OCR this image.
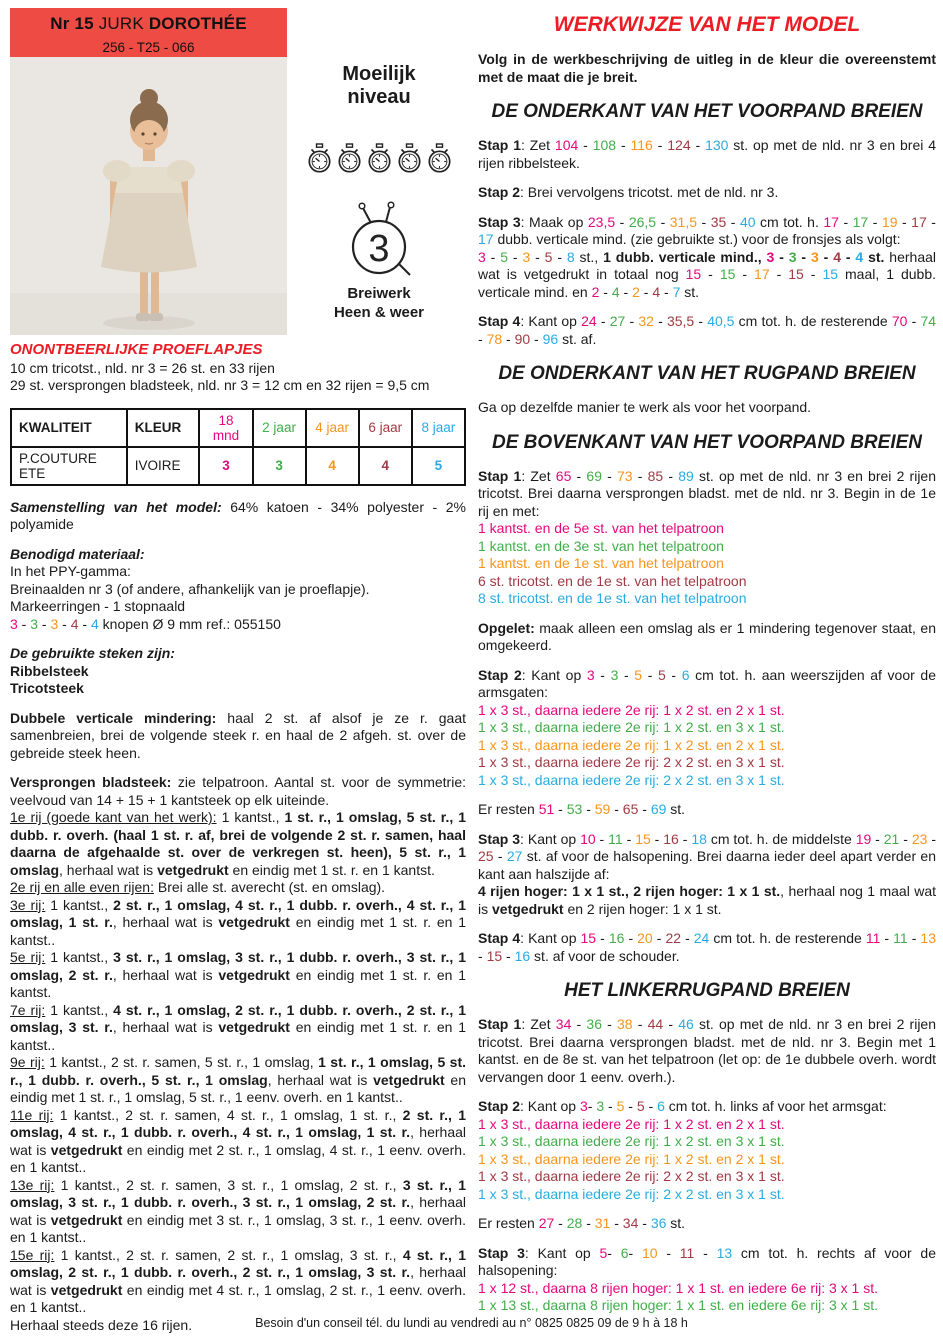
Nr 15 JURK DOROTHÉE
256 - T25 - 066
Moeilijk
niveau
3
Breiwerk
Heen & weer
ONONTBEERLIJKE PROEFLAPJES
10 cm tricotst., nld. nr 3 = 26 st. en 33 rijen
29 st. versprongen bladsteek, nld. nr 3 = 12 cm en 32 rijen = 9,5 cm
KWALITEIT	KLEUR	18 mnd	2 jaar	4 jaar	6 jaar	8 jaar
P.COUTURE ETE	IVOIRE	3	3	4	4	5
Samenstelling van het model: 64% katoen - 34% polyester - 2% polyamide
Benodigd materiaal:
In het PPY-gamma:
Breinaalden nr 3 (of andere, afhankelijk van je proeflapje).
Markeerringen - 1 stopnaald
3 - 3 - 3 - 4 - 4 knopen Ø 9 mm ref.: 055150
De gebruikte steken zijn:
Ribbelsteek
Tricotsteek
Dubbele verticale mindering: haal 2 st. af alsof je ze r. gaat samenbreien, brei de volgende steek r. en haal de 2 afgeh. st. over de gebreide steek heen.
Versprongen bladsteek: zie telpatroon. Aantal st. voor de symmetrie: veelvoud van 14 + 15 + 1 kantsteek op elk uiteinde.
1e rij (goede kant van het werk): 1 kantst., 1 st. r., 1 omslag, 5 st. r., 1 dubb. r. overh. (haal 1 st. r. af, brei de volgende 2 st. r. samen, haal daarna de afgehaalde st. over de verkregen st. heen), 5 st. r., 1 omslag, herhaal wat is vetgedrukt en eindig met 1 st. r. en 1 kantst.
2e rij en alle even rijen: Brei alle st. averecht (st. en omslag).
3e rij: 1 kantst., 2 st. r., 1 omslag, 4 st. r., 1 dubb. r. overh., 4 st. r., 1 omslag, 1 st. r., herhaal wat is vetgedrukt en eindig met 1 st. r. en 1 kantst..
5e rij: 1 kantst., 3 st. r., 1 omslag, 3 st. r., 1 dubb. r. overh., 3 st. r., 1 omslag, 2 st. r., herhaal wat is vetgedrukt en eindig met 1 st. r. en 1 kantst.
7e rij: 1 kantst., 4 st. r., 1 omslag, 2 st. r., 1 dubb. r. overh., 2 st. r., 1 omslag, 3 st. r., herhaal wat is vetgedrukt en eindig met 1 st. r. en 1 kantst..
9e rij: 1 kantst., 2 st. r. samen, 5 st. r., 1 omslag, 1 st. r., 1 omslag, 5 st. r., 1 dubb. r. overh., 5 st. r., 1 omslag, herhaal wat is vetgedrukt en eindig met 1 st. r., 1 omslag, 5 st. r., 1 eenv. overh. en 1 kantst..
11e rij: 1 kantst., 2 st. r. samen, 4 st. r., 1 omslag, 1 st. r., 2 st. r., 1 omslag, 4 st. r., 1 dubb. r. overh., 4 st. r., 1 omslag, 1 st. r., herhaal wat is vetgedrukt en eindig met 2 st. r., 1 omslag, 4 st. r., 1 eenv. overh. en 1 kantst..
13e rij: 1 kantst., 2 st. r. samen, 3 st. r., 1 omslag, 2 st. r., 3 st. r., 1 omslag, 3 st. r., 1 dubb. r. overh., 3 st. r., 1 omslag, 2 st. r., herhaal wat is vetgedrukt en eindig met 3 st. r., 1 omslag, 3 st. r., 1 eenv. overh. en 1 kantst..
15e rij: 1 kantst., 2 st. r. samen, 2 st. r., 1 omslag, 3 st. r., 4 st. r., 1 omslag, 2 st. r., 1 dubb. r. overh., 2 st. r., 1 omslag, 3 st. r., herhaal wat is vetgedrukt en eindig met 4 st. r., 1 omslag, 2 st. r., 1 eenv. overh. en 1 kantst..
Herhaal steeds deze 16 rijen.
WERKWIJZE VAN HET MODEL
Volg in de werkbeschrijving de uitleg in de kleur die overeenstemt met de maat die je breit.
DE ONDERKANT VAN HET VOORPAND BREIEN
Stap 1: Zet 104 - 108 - 116 - 124 - 130 st. op met de nld. nr 3 en brei 4 rijen ribbelsteek.
Stap 2: Brei vervolgens tricotst. met de nld. nr 3.
Stap 3: Maak op 23,5 - 26,5 - 31,5 - 35 - 40 cm tot. h. 17 - 17 - 19 - 17 - 17 dubb. verticale mind. (zie gebruikte st.) voor de fronsjes als volgt:
3 - 5 - 3 - 5 - 8 st., 1 dubb. verticale mind., 3 - 3 - 3 - 4 - 4 st. herhaal wat is vetgedrukt in totaal nog 15 - 15 - 17 - 15 - 15 maal, 1 dubb. verticale mind. en 2 - 4 - 2 - 4 - 7 st.
Stap 4: Kant op 24 - 27 - 32 - 35,5 - 40,5 cm tot. h. de resterende 70 - 74 - 78 - 90 - 96 st. af.
DE ONDERKANT VAN HET RUGPAND BREIEN
Ga op dezelfde manier te werk als voor het voorpand.
DE BOVENKANT VAN HET VOORPAND BREIEN
Stap 1: Zet 65 - 69 - 73 - 85 - 89 st. op met de nld. nr 3 en brei 2 rijen tricotst. Brei daarna versprongen bladst. met de nld. nr 3. Begin in de 1e rij en met:
1 kantst. en de 5e st. van het telpatroon
1 kantst. en de 3e st. van het telpatroon
1 kantst. en de 1e st. van het telpatroon
6 st. tricotst. en de 1e st. van het telpatroon
8 st. tricotst. en de 1e st. van het telpatroon
Opgelet: maak alleen een omslag als er 1 mindering tegenover staat, en omgekeerd.
Stap 2: Kant op 3 - 3 - 5 - 5 - 6 cm tot. h. aan weerszijden af voor de armsgaten:
1 x 3 st., daarna iedere 2e rij: 1 x 2 st. en 2 x 1 st.
1 x 3 st., daarna iedere 2e rij: 1 x 2 st. en 3 x 1 st.
1 x 3 st., daarna iedere 2e rij: 1 x 2 st. en 2 x 1 st.
1 x 3 st., daarna iedere 2e rij: 2 x 2 st. en 3 x 1 st.
1 x 3 st., daarna iedere 2e rij: 2 x 2 st. en 3 x 1 st.
Er resten 51 - 53 - 59 - 65 - 69 st.
Stap 3: Kant op 10 - 11 - 15 - 16 - 18 cm tot. h. de middelste 19 - 21 - 23 - 25 - 27 st. af voor de halsopening. Brei daarna ieder deel apart verder en kant aan halszijde af:
4 rijen hoger: 1 x 1 st., 2 rijen hoger: 1 x 1 st., herhaal nog 1 maal wat is vetgedrukt en 2 rijen hoger: 1 x 1 st.
Stap 4: Kant op 15 - 16 - 20 - 22 - 24 cm tot. h. de resterende 11 - 11 - 13 - 15 - 16 st. af voor de schouder.
HET LINKERRUGPAND BREIEN
Stap 1: Zet 34 - 36 - 38 - 44 - 46 st. op met de nld. nr 3 en brei 2 rijen tricotst. Brei daarna versprongen bladst. met de nld. nr 3. Begin met 1 kantst. en de 8e st. van het telpatroon (let op: de 1e dubbele overh. wordt vervangen door 1 eenv. overh.).
Stap 2: Kant op 3- 3 - 5 - 5 - 6 cm tot. h. links af voor het armsgat:
1 x 3 st., daarna iedere 2e rij: 1 x 2 st. en 2 x 1 st.
1 x 3 st., daarna iedere 2e rij: 1 x 2 st. en 3 x 1 st.
1 x 3 st., daarna iedere 2e rij: 1 x 2 st. en 2 x 1 st.
1 x 3 st., daarna iedere 2e rij: 2 x 2 st. en 3 x 1 st.
1 x 3 st., daarna iedere 2e rij: 2 x 2 st. en 3 x 1 st.
Er resten 27 - 28 - 31 - 34 - 36 st.
Stap 3: Kant op 5- 6- 10 - 11 - 13 cm tot. h. rechts af voor de halsopening:
1 x 12 st., daarna 8 rijen hoger: 1 x 1 st. en iedere 6e rij: 3 x 1 st.
1 x 13 st., daarna 8 rijen hoger: 1 x 1 st. en iedere 6e rij: 3 x 1 st.
Besoin d'un conseil tél. du lundi au vendredi au n° 0825 0825 09 de 9 h à 18 h
